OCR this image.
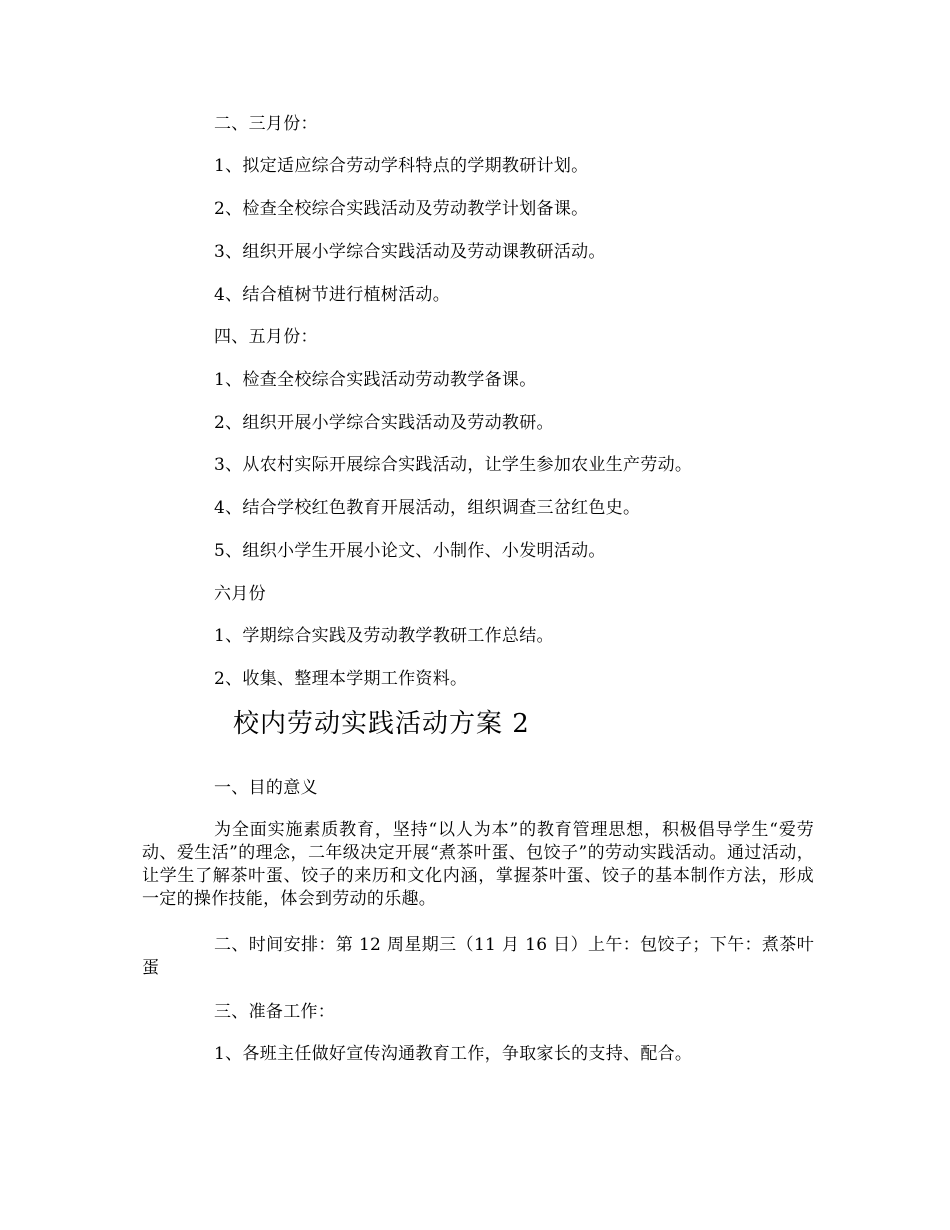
二、三月份：
1、拟定适应综合劳动学科特点的学期教研计划。
2、检查全校综合实践活动及劳动教学计划备课。
3、组织开展小学综合实践活动及劳动课教研活动。
4、结合植树节进行植树活动。
四、五月份：
1、检查全校综合实践活动劳动教学备课。
2、组织开展小学综合实践活动及劳动教研。
3、从农村实际开展综合实践活动，让学生参加农业生产劳动。
4、结合学校红色教育开展活动，组织调查三岔红色史。
5、组织小学生开展小论文、小制作、小发明活动。
六月份
1、学期综合实践及劳动教学教研工作总结。
2、收集、整理本学期工作资料。
校内劳动实践活动方案 2
一、目的意义
为全面实施素质教育，坚持“以人为本”的教育管理思想，积极倡导学生“爱劳动、爱生活”的理念，二年级决定开展“煮茶叶蛋、包饺子”的劳动实践活动。通过活动，让学生了解茶叶蛋、饺子的来历和文化内涵，掌握茶叶蛋、饺子的基本制作方法，形成一定的操作技能，体会到劳动的乐趣。
二、时间安排：第 12 周星期三（11 月 16 日）上午：包饺子；下午：煮茶叶蛋
三、准备工作：
1、各班主任做好宣传沟通教育工作，争取家长的支持、配合。
